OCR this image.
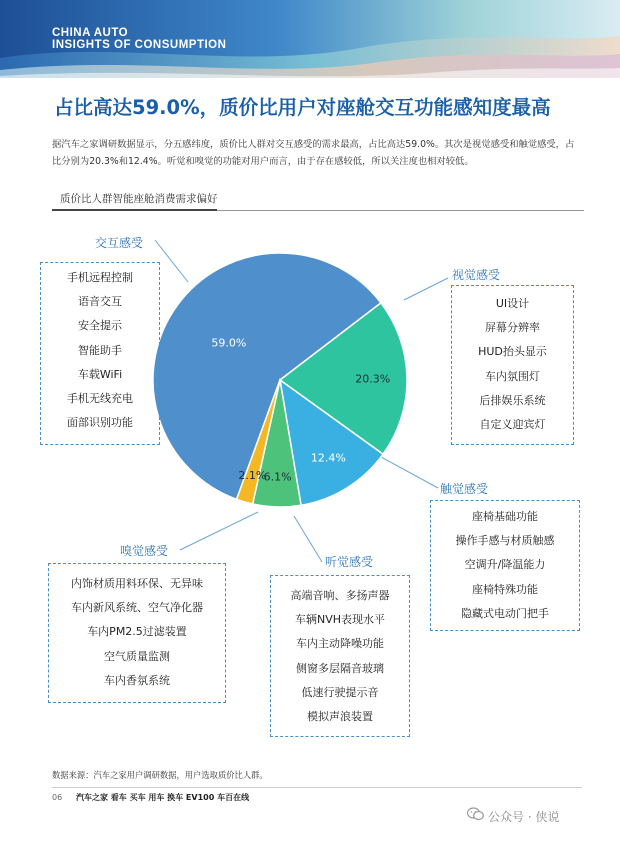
CHINA AUTO
INSIGHTS OF CONSUMPTION
占比高达59.0%，质价比用户对座舱交互功能感知度最高
据汽车之家调研数据显示，分五感纬度，质价比人群对交互感受的需求最高，占比高达59.0%。其次是视觉感受和触觉感受，占比分别为20.3%和12.4%。听觉和嗅觉的功能对用户而言，由于存在感较低，所以关注度也相对较低。
质价比人群智能座舱消费需求偏好
59.0%
20.3%
12.4%
6.1%
2.1%
交互感受
视觉感受
触觉感受
听觉感受
嗅觉感受
手机远程控制
语音交互
安全提示
智能助手
车载WiFi
手机无线充电
面部识别功能
UI设计
屏幕分辨率
HUD抬头显示
车内氛围灯
后排娱乐系统
自定义迎宾灯
座椅基础功能
操作手感与材质触感
空调升/降温能力
座椅特殊功能
隐藏式电动门把手
高端音响、多扬声器
车辆NVH表现水平
车内主动降噪功能
侧窗多层隔音玻璃
低速行驶提示音
模拟声浪装置
内饰材质用料环保、无异味
车内新风系统、空气净化器
车内PM2.5过滤装置
空气质量监测
车内香氛系统
数据来源：汽车之家用户调研数据，用户选取质价比人群。
06 汽车之家 看车 买车 用车 换车 EV100 车百在线
公众号 · 侠说
